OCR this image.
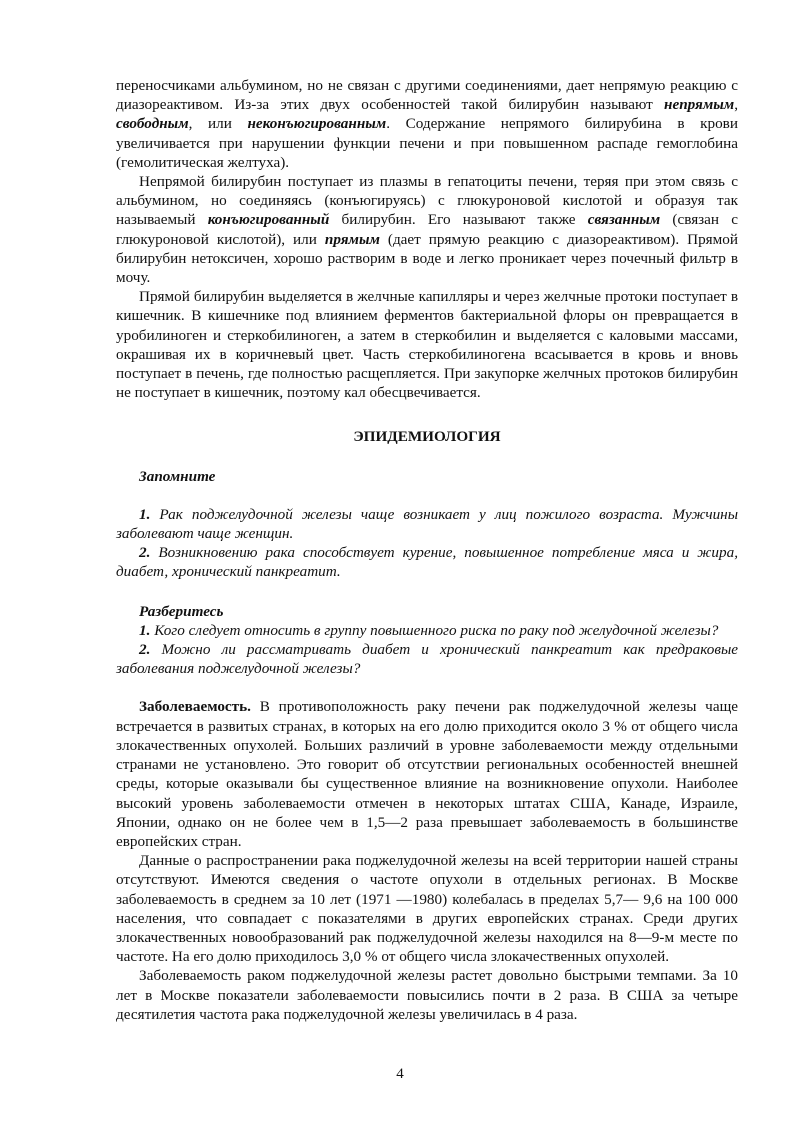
переносчиками альбумином, но не связан с другими соединениями, дает непрямую реакцию с диазореактивом. Из-за этих двух особенностей такой билирубин называют непрямым, свободным, или неконъюгированным. Содержание непрямого билирубина в крови увеличивается при нарушении функции печени и при повышенном распаде гемоглобина (гемолитическая желтуха).

Непрямой билирубин поступает из плазмы в гепатоциты печени, теряя при этом связь с альбумином, но соединяясь (конъюгируясь) с глюкуроновой кислотой и образуя так называемый конъюгированный билирубин. Его называют также связанным (связан с глюкуроновой кислотой), или прямым (дает прямую реакцию с диазореактивом). Прямой билирубин нетоксичен, хорошо растворим в воде и легко проникает через почечный фильтр в мочу.

Прямой билирубин выделяется в желчные капилляры и через желчные протоки поступает в кишечник. В кишечнике под влиянием ферментов бактериальной флоры он превращается в уробилиноген и стеркобилиноген, а затем в стеркобилин и выделяется с каловыми массами, окрашивая их в коричневый цвет. Часть стеркобилиногена всасывается в кровь и вновь поступает в печень, где полностью расщепляется. При закупорке желчных протоков билирубин не поступает в кишечник, поэтому кал обесцвечивается.

ЭПИДЕМИОЛОГИЯ

Запомните

1. Рак поджелудочной железы чаще возникает у лиц пожилого возраста. Мужчины заболевают чаще женщин.

2. Возникновению рака способствует курение, повышенное потребление мяса и жира, диабет, хронический панкреатит.

Разберитесь

1. Кого следует относить в группу повышенного риска по раку под желудочной железы?

2. Можно ли рассматривать диабет и хронический панкреатит как предраковые заболевания поджелудочной железы?

Заболеваемость. В противоположность раку печени рак поджелудочной железы чаще встречается в развитых странах, в которых на его долю приходится около 3 % от общего числа злокачественных опухолей. Больших различий в уровне заболеваемости между отдельными странами не установлено. Это говорит об отсутствии региональных особенностей внешней среды, которые оказывали бы существенное влияние на возникновение опухоли. Наиболее высокий уровень заболеваемости отмечен в некоторых штатах США, Канаде, Израиле, Японии, однако он не более чем в 1,5—2 раза превышает заболеваемость в большинстве европейских стран.

Данные о распространении рака поджелудочной железы на всей территории нашей страны отсутствуют. Имеются сведения о частоте опухоли в отдельных регионах. В Москве заболеваемость в среднем за 10 лет (1971 —1980) колебалась в пределах 5,7— 9,6 на 100 000 населения, что совпадает с показателями в других европейских странах. Среди других злокачественных новообразований рак поджелудочной железы находился на 8—9-м месте по частоте. На его долю приходилось 3,0 % от общего числа злокачественных опухолей.

Заболеваемость раком поджелудочной железы растет довольно быстрыми темпами. За 10 лет в Москве показатели заболеваемости повысились почти в 2 раза. В США за четыре десятилетия частота рака поджелудочной железы увеличилась в 4 раза.

4
